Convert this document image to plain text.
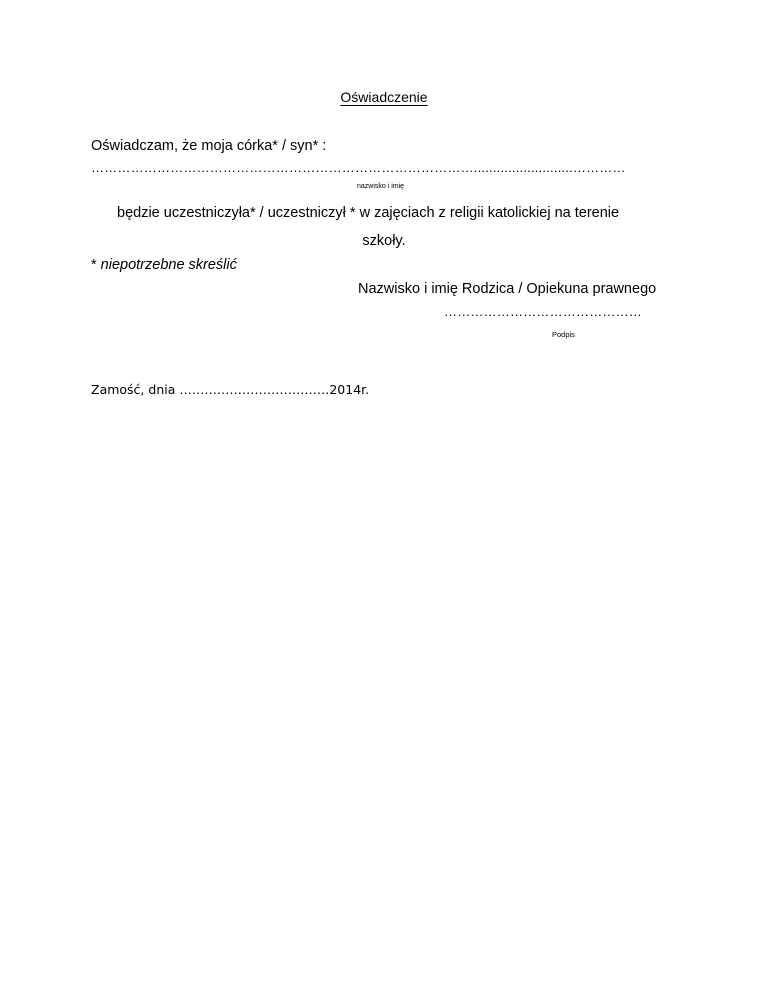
Oświadczenie
Oświadczam, że moja córka* / syn* :
……………………………………………………………………………..........................…………
nazwisko i imię
będzie uczestniczyła* / uczestniczył * w zajęciach z religii katolickiej na terenie
szkoły.
* niepotrzebne skreślić
Nazwisko i imię Rodzica / Opiekuna prawnego
………………………………………
Podpis
Zamość, dnia ………………………………2014r.
